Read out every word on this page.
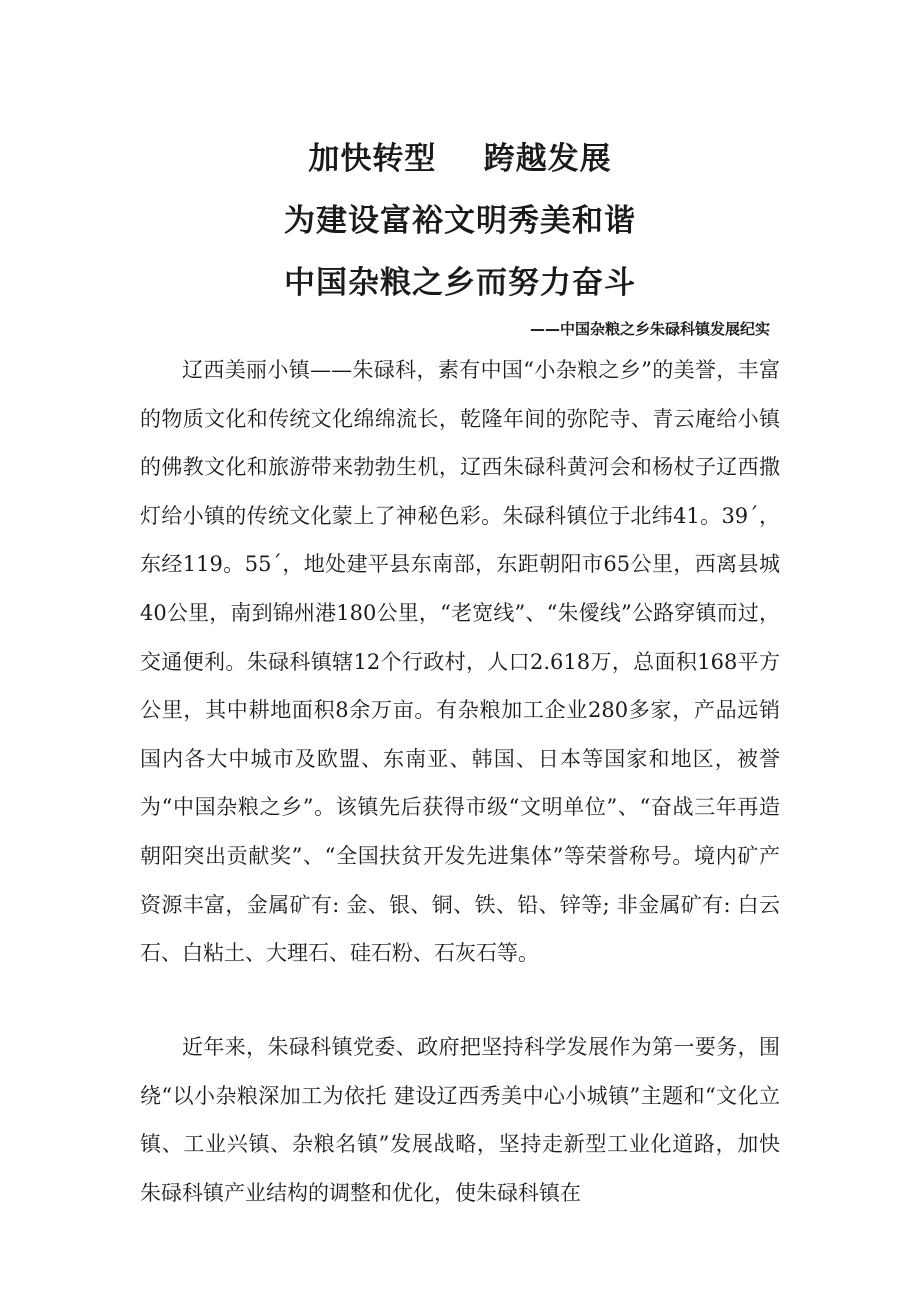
加快转型    跨越发展

为建设富裕文明秀美和谐

中国杂粮之乡而努力奋斗

——中国杂粮之乡朱碌科镇发展纪实

辽西美丽小镇——朱碌科，素有中国“小杂粮之乡”的美誉，丰富的物质文化和传统文化绵绵流长，乾隆年间的弥陀寺、青云庵给小镇的佛教文化和旅游带来勃勃生机，辽西朱碌科黄河会和杨杖子辽西撒灯给小镇的传统文化蒙上了神秘色彩。朱碌科镇位于北纬41。39´，东经119。55´，地处建平县东南部，东距朝阳市65公里，西离县城40公里，南到锦州港180公里，“老宽线”、“朱僾线”公路穿镇而过，交通便利。朱碌科镇辖12个行政村，人口2.618万，总面积168平方公里，其中耕地面积8余万亩。有杂粮加工企业280多家，产品远销国内各大中城市及欧盟、东南亚、韩国、日本等国家和地区，被誉为“中国杂粮之乡”。该镇先后获得市级“文明单位”、“奋战三年再造朝阳突出贡献奖”、“全国扶贫开发先进集体”等荣誉称号。境内矿产资源丰富，金属矿有: 金、银、铜、铁、铅、锌等; 非金属矿有: 白云石、白粘土、大理石、硅石粉、石灰石等。

近年来，朱碌科镇党委、政府把坚持科学发展作为第一要务，围绕“以小杂粮深加工为依托 建设辽西秀美中心小城镇”主题和“文化立镇、工业兴镇、杂粮名镇”发展战略，坚持走新型工业化道路，加快朱碌科镇产业结构的调整和优化，使朱碌科镇在
